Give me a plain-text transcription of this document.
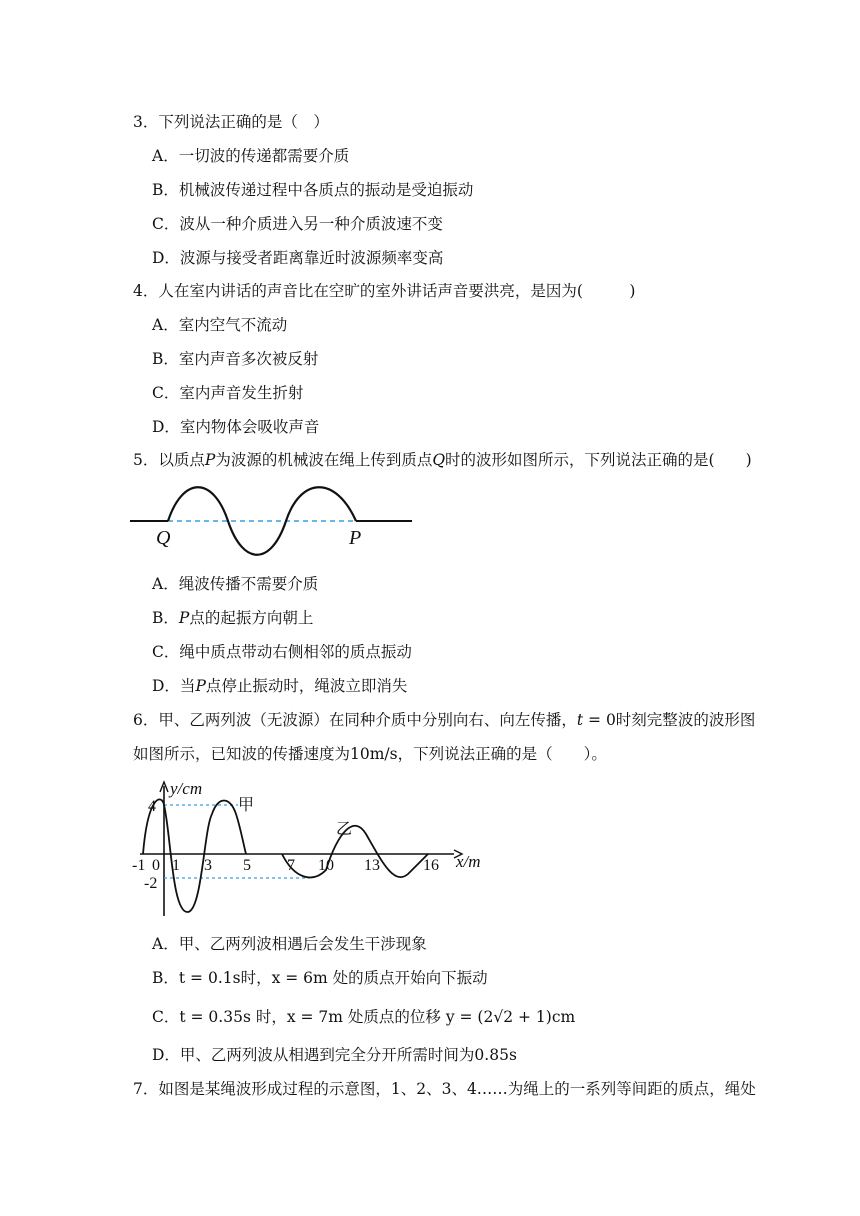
3．下列说法正确的是（　）
A．一切波的传递都需要介质
B．机械波传递过程中各质点的振动是受迫振动
C．波从一种介质进入另一种介质波速不变
D．波源与接受者距离靠近时波源频率变高
4．人在室内讲话的声音比在空旷的室外讲话声音要洪亮，是因为(　　　)
A．室内空气不流动
B．室内声音多次被反射
C．室内声音发生折射
D．室内物体会吸收声音
5．以质点P为波源的机械波在绳上传到质点Q时的波形如图所示，下列说法正确的是(　　)
Q	P
A．绳波传播不需要介质
B．P点的起振方向朝上
C．绳中质点带动右侧相邻的质点振动
D．当P点停止振动时，绳波立即消失
6．甲、乙两列波（无波源）在同种介质中分别向右、向左传播，t = 0时刻完整波的波形图
如图所示，已知波的传播速度为10m/s，下列说法正确的是（　　）。
y/cm
x/m
4
-2
-1 0 1 3 5 7 10 13	16
甲
乙
A．甲、乙两列波相遇后会发生干涉现象
B．t = 0.1s时，x = 6m 处的质点开始向下振动
C．t = 0.35s 时，x = 7m 处质点的位移 y = (2√2 + 1)cm
D．甲、乙两列波从相遇到完全分开所需时间为0.85s
7．如图是某绳波形成过程的示意图，1、2、3、4……为绳上的一系列等间距的质点，绳处
